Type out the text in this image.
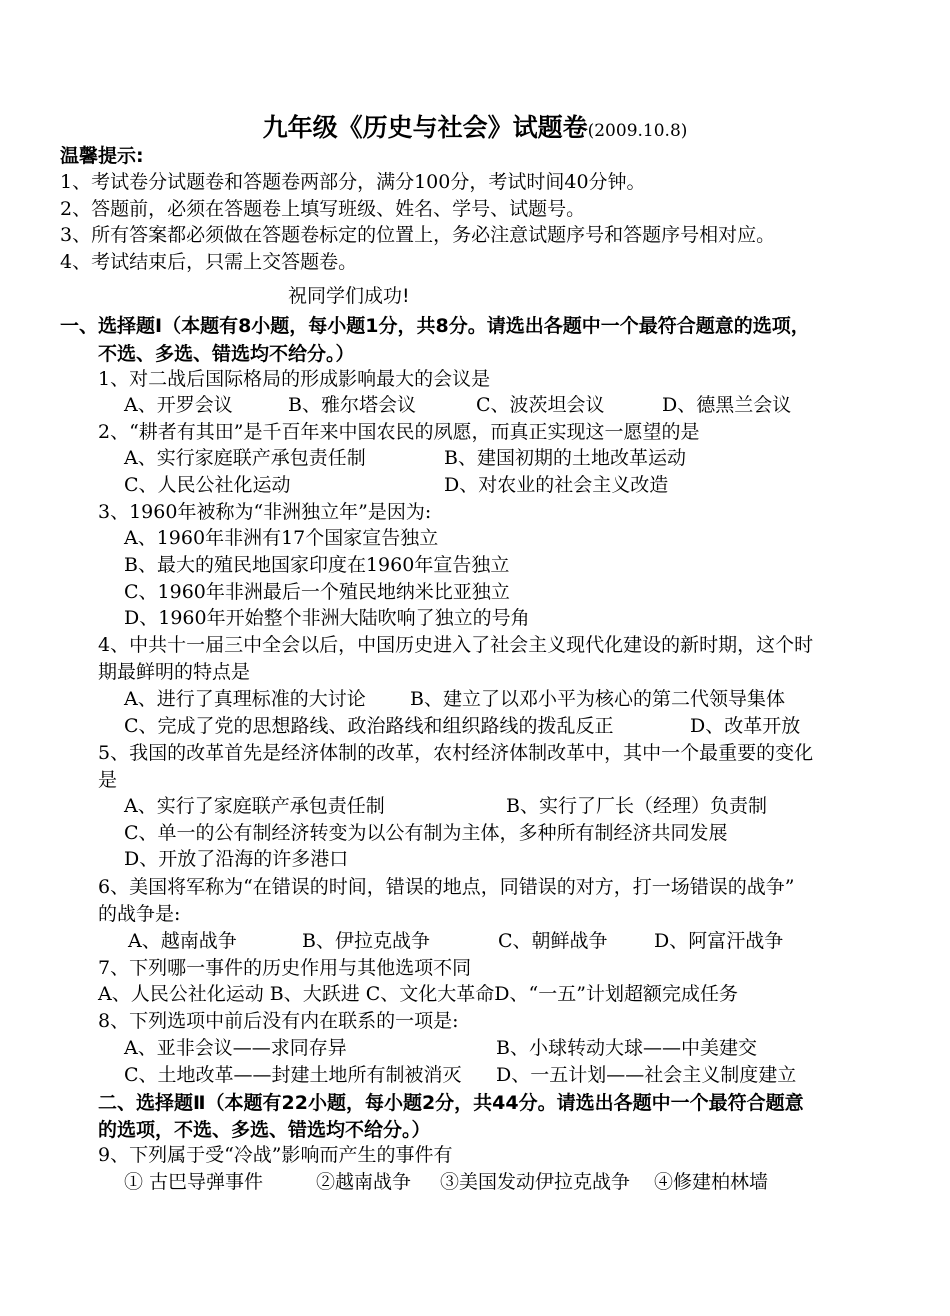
九年级《历史与社会》试题卷(2009.10.8)
温馨提示:
1、考试卷分试题卷和答题卷两部分，满分100分，考试时间40分钟。
2、答题前，必须在答题卷上填写班级、姓名、学号、试题号。
3、所有答案都必须做在答题卷标定的位置上，务必注意试题序号和答题序号相对应。
4、考试结束后，只需上交答题卷。
祝同学们成功!
一、选择题Ⅰ（本题有8小题，每小题1分，共8分。请选出各题中一个最符合题意的选项，
不选、多选、错选均不给分。）
1、对二战后国际格局的形成影响最大的会议是
A、开罗会议	B、雅尔塔会议	C、波茨坦会议	D、德黑兰会议
2、“耕者有其田”是千百年来中国农民的夙愿，而真正实现这一愿望的是
A、实行家庭联产承包责任制	B、建国初期的土地改革运动
C、人民公社化运动	D、对农业的社会主义改造
3、1960年被称为“非洲独立年”是因为:
A、1960年非洲有17个国家宣告独立
B、最大的殖民地国家印度在1960年宣告独立
C、1960年非洲最后一个殖民地纳米比亚独立
D、1960年开始整个非洲大陆吹响了独立的号角
4、中共十一届三中全会以后，中国历史进入了社会主义现代化建设的新时期，这个时
期最鲜明的特点是
A、进行了真理标准的大讨论 B、建立了以邓小平为核心的第二代领导集体
C、完成了党的思想路线、政治路线和组织路线的拨乱反正	D、改革开放
5、我国的改革首先是经济体制的改革，农村经济体制改革中，其中一个最重要的变化
是
A、实行了家庭联产承包责任制	B、实行了厂长（经理）负责制
C、单一的公有制经济转变为以公有制为主体，多种所有制经济共同发展
D、开放了沿海的许多港口
6、美国将军称为“在错误的时间，错误的地点，同错误的对方，打一场错误的战争”
的战争是:
A、越南战争	B、伊拉克战争	C、朝鲜战争 D、阿富汗战争
7、下列哪一事件的历史作用与其他选项不同
A、人民公社化运动 B、大跃进 C、文化大革命D、“一五”计划超额完成任务
8、下列选项中前后没有内在联系的一项是:
A、亚非会议——求同存异	B、小球转动大球——中美建交
C、土地改革——封建土地所有制被消灭 D、一五计划——社会主义制度建立
二、选择题Ⅱ（本题有22小题，每小题2分，共44分。请选出各题中一个最符合题意
的选项，不选、多选、错选均不给分。）
9、下列属于受“冷战”影响而产生的事件有
① 古巴导弹事件	②越南战争 ③美国发动伊拉克战争 ④修建柏林墙
